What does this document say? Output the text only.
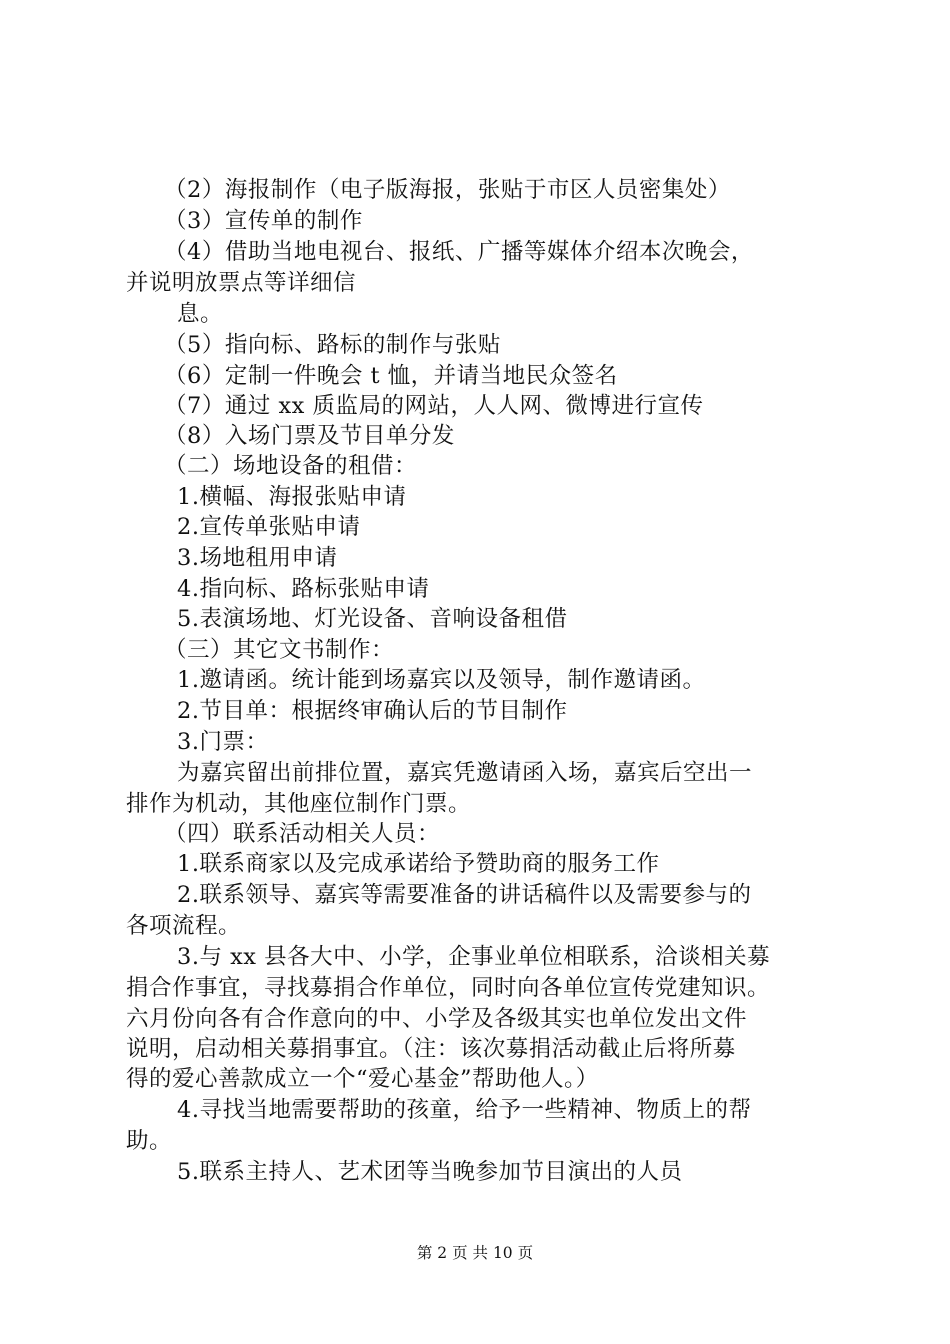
（2）海报制作（电子版海报，张贴于市区人员密集处）
（3）宣传单的制作
（4）借助当地电视台、报纸、广播等媒体介绍本次晚会，
并说明放票点等详细信
息。
（5）指向标、路标的制作与张贴
（6）定制一件晚会 t 恤，并请当地民众签名
（7）通过 xx 质监局的网站，人人网、微博进行宣传
（8）入场门票及节目单分发
（二）场地设备的租借：
1.横幅、海报张贴申请
2.宣传单张贴申请
3.场地租用申请
4.指向标、路标张贴申请
5.表演场地、灯光设备、音响设备租借
（三）其它文书制作：
1.邀请函。统计能到场嘉宾以及领导，制作邀请函。
2.节目单：根据终审确认后的节目制作
3.门票：
为嘉宾留出前排位置，嘉宾凭邀请函入场，嘉宾后空出一
排作为机动，其他座位制作门票。
（四）联系活动相关人员：
1.联系商家以及完成承诺给予赞助商的服务工作
2.联系领导、嘉宾等需要准备的讲话稿件以及需要参与的
各项流程。
3.与 xx 县各大中、小学，企事业单位相联系，洽谈相关募
捐合作事宜，寻找募捐合作单位，同时向各单位宣传党建知识。
六月份向各有合作意向的中、小学及各级其实也单位发出文件
说明，启动相关募捐事宜。（注：该次募捐活动截止后将所募
得的爱心善款成立一个“爱心基金”帮助他人。）
4.寻找当地需要帮助的孩童，给予一些精神、物质上的帮
助。
5.联系主持人、艺术团等当晚参加节目演出的人员
第 2 页 共 10 页
